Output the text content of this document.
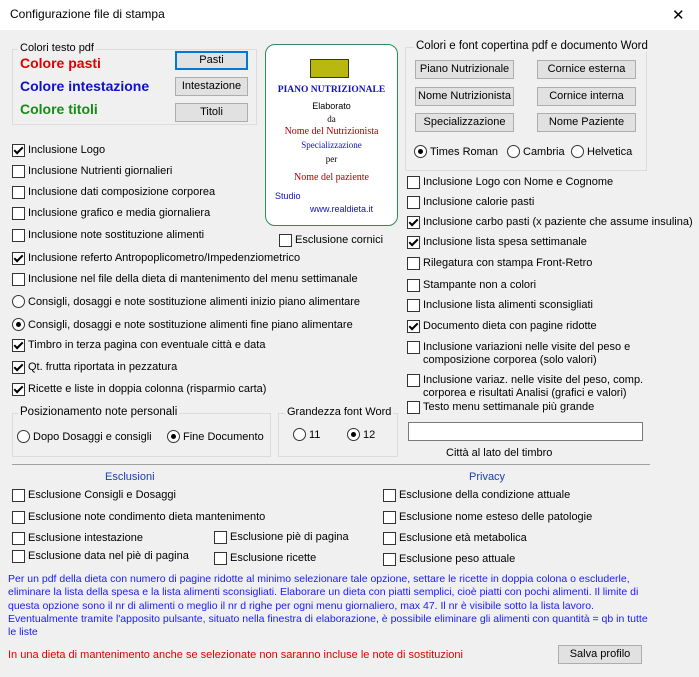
Configurazione file di stampa	✕
Colori testo pdf
Colore pasti
Colore intestazione
Colore titoli
Pasti
Intestazione
Titoli
PIANO NUTRIZIONALE
Elaborato
da
Nome del Nutrizionista
Specializzazione
per
Nome del paziente
Studio
www.realdieta.it
Colori e font copertina pdf e documento Word
Piano Nutrizionale	Cornice esterna
Nome Nutrizionista	Cornice interna
Specializzazione	Nome Paziente
Times Roman Cambria Helvetica
Inclusione Logo
Inclusione Nutrienti giornalieri
Inclusione dati composizione corporea
Inclusione grafico e media giornaliera
Inclusione note sostituzione alimenti
Inclusione referto Antropoplicometro/Impedenziometrico
Inclusione nel file della dieta di mantenimento del menu settimanale
Esclusione cornici
Consigli, dosaggi e note sostituzione alimenti inizio piano alimentare
Consigli, dosaggi e note sostituzione alimenti fine piano alimentare
Timbro in terza pagina con eventuale città e data
Qt. frutta riportata in pezzatura
Ricette e liste in doppia colonna (risparmio carta)
Inclusione Logo con Nome e Cognome
Inclusione calorie pasti
Inclusione carbo pasti (x paziente che assume insulina)
Inclusione lista spesa settimanale
Rilegatura con stampa Front-Retro
Stampante non a colori
Inclusione lista alimenti sconsigliati
Documento dieta con pagine ridotte
Inclusione variazioni nelle visite del peso e composizione corporea (solo valori)
Inclusione variaz. nelle visite del peso, comp. corporea e risultati Analisi (grafici e valori)
Testo menu settimanale più grande
Posizionamento note personali
Dopo Dosaggi e consigli	Fine Documento
Grandezza font Word
11	12
Città al lato del timbro
Esclusioni	Privacy
Esclusione Consigli e Dosaggi
Esclusione note condimento dieta mantenimento
Esclusione intestazione
Esclusione data nel piè di pagina
Esclusione piè di pagina
Esclusione ricette
Esclusione della condizione attuale
Esclusione nome esteso delle patologie
Esclusione età metabolica
Esclusione peso attuale
Per un pdf della dieta con numero di pagine ridotte al minimo selezionare tale opzione, settare le ricette in doppia colona o escluderle, eliminare la lista della spesa e la lista alimenti sconsigliati. Elaborare un dieta con piatti semplici, cioè piatti con pochi alimenti. Il limite di questa opzione sono il nr di alimenti o meglio il nr d righe per ogni menu giornaliero, max 47. Il nr è visibile sotto la lista lavoro. Eventualmente tramite l'apposito pulsante, situato nella finestra di elaborazione, è possibile eliminare gli alimenti con quantità = qb in tutte le liste
In una dieta di mantenimento anche se selezionate non saranno incluse le note di sostituzioni	Salva profilo
